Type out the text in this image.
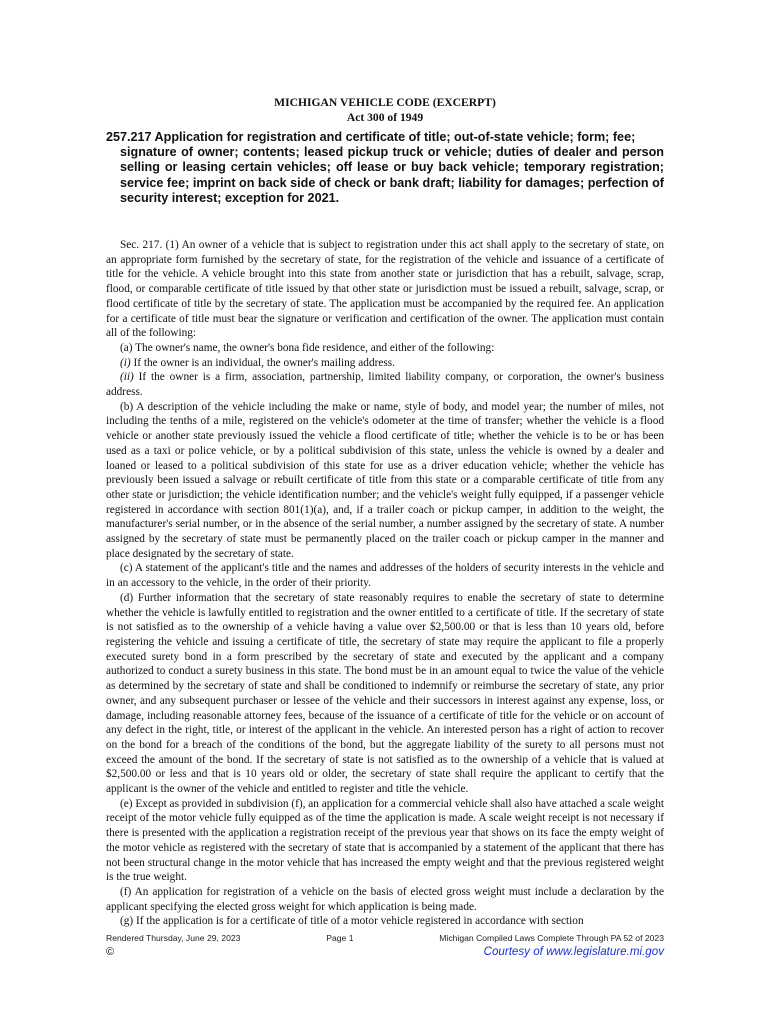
MICHIGAN VEHICLE CODE (EXCERPT)
Act 300 of 1949
257.217 Application for registration and certificate of title; out-of-state vehicle; form; fee;
signature of owner; contents; leased pickup truck or vehicle; duties of dealer and person selling or leasing certain vehicles; off lease or buy back vehicle; temporary registration; service fee; imprint on back side of check or bank draft; liability for damages; perfection of security interest; exception for 2021.

Sec. 217. (1) An owner of a vehicle that is subject to registration under this act shall apply to the secretary of state, on an appropriate form furnished by the secretary of state, for the registration of the vehicle and issuance of a certificate of title for the vehicle. A vehicle brought into this state from another state or jurisdiction that has a rebuilt, salvage, scrap, flood, or comparable certificate of title issued by that other state or jurisdiction must be issued a rebuilt, salvage, scrap, or flood certificate of title by the secretary of state. The application must be accompanied by the required fee. An application for a certificate of title must bear the signature or verification and certification of the owner. The application must contain all of the following:

(a) The owner's name, the owner's bona fide residence, and either of the following:

(i) If the owner is an individual, the owner's mailing address.

(ii) If the owner is a firm, association, partnership, limited liability company, or corporation, the owner's business address.

(b) A description of the vehicle including the make or name, style of body, and model year; the number of miles, not including the tenths of a mile, registered on the vehicle's odometer at the time of transfer; whether the vehicle is a flood vehicle or another state previously issued the vehicle a flood certificate of title; whether the vehicle is to be or has been used as a taxi or police vehicle, or by a political subdivision of this state, unless the vehicle is owned by a dealer and loaned or leased to a political subdivision of this state for use as a driver education vehicle; whether the vehicle has previously been issued a salvage or rebuilt certificate of title from this state or a comparable certificate of title from any other state or jurisdiction; the vehicle identification number; and the vehicle's weight fully equipped, if a passenger vehicle registered in accordance with section 801(1)(a), and, if a trailer coach or pickup camper, in addition to the weight, the manufacturer's serial number, or in the absence of the serial number, a number assigned by the secretary of state. A number assigned by the secretary of state must be permanently placed on the trailer coach or pickup camper in the manner and place designated by the secretary of state.

(c) A statement of the applicant's title and the names and addresses of the holders of security interests in the vehicle and in an accessory to the vehicle, in the order of their priority.

(d) Further information that the secretary of state reasonably requires to enable the secretary of state to determine whether the vehicle is lawfully entitled to registration and the owner entitled to a certificate of title. If the secretary of state is not satisfied as to the ownership of a vehicle having a value over $2,500.00 or that is less than 10 years old, before registering the vehicle and issuing a certificate of title, the secretary of state may require the applicant to file a properly executed surety bond in a form prescribed by the secretary of state and executed by the applicant and a company authorized to conduct a surety business in this state. The bond must be in an amount equal to twice the value of the vehicle as determined by the secretary of state and shall be conditioned to indemnify or reimburse the secretary of state, any prior owner, and any subsequent purchaser or lessee of the vehicle and their successors in interest against any expense, loss, or damage, including reasonable attorney fees, because of the issuance of a certificate of title for the vehicle or on account of any defect in the right, title, or interest of the applicant in the vehicle. An interested person has a right of action to recover on the bond for a breach of the conditions of the bond, but the aggregate liability of the surety to all persons must not exceed the amount of the bond. If the secretary of state is not satisfied as to the ownership of a vehicle that is valued at $2,500.00 or less and that is 10 years old or older, the secretary of state shall require the applicant to certify that the applicant is the owner of the vehicle and entitled to register and title the vehicle.

(e) Except as provided in subdivision (f), an application for a commercial vehicle shall also have attached a scale weight receipt of the motor vehicle fully equipped as of the time the application is made. A scale weight receipt is not necessary if there is presented with the application a registration receipt of the previous year that shows on its face the empty weight of the motor vehicle as registered with the secretary of state that is accompanied by a statement of the applicant that there has not been structural change in the motor vehicle that has increased the empty weight and that the previous registered weight is the true weight.

(f) An application for registration of a vehicle on the basis of elected gross weight must include a declaration by the applicant specifying the elected gross weight for which application is being made.

(g) If the application is for a certificate of title of a motor vehicle registered in accordance with section

Rendered Thursday, June 29, 2023	Page 1	Michigan Compiled Laws Complete Through PA 52 of 2023
©	Courtesy of www.legislature.mi.gov
